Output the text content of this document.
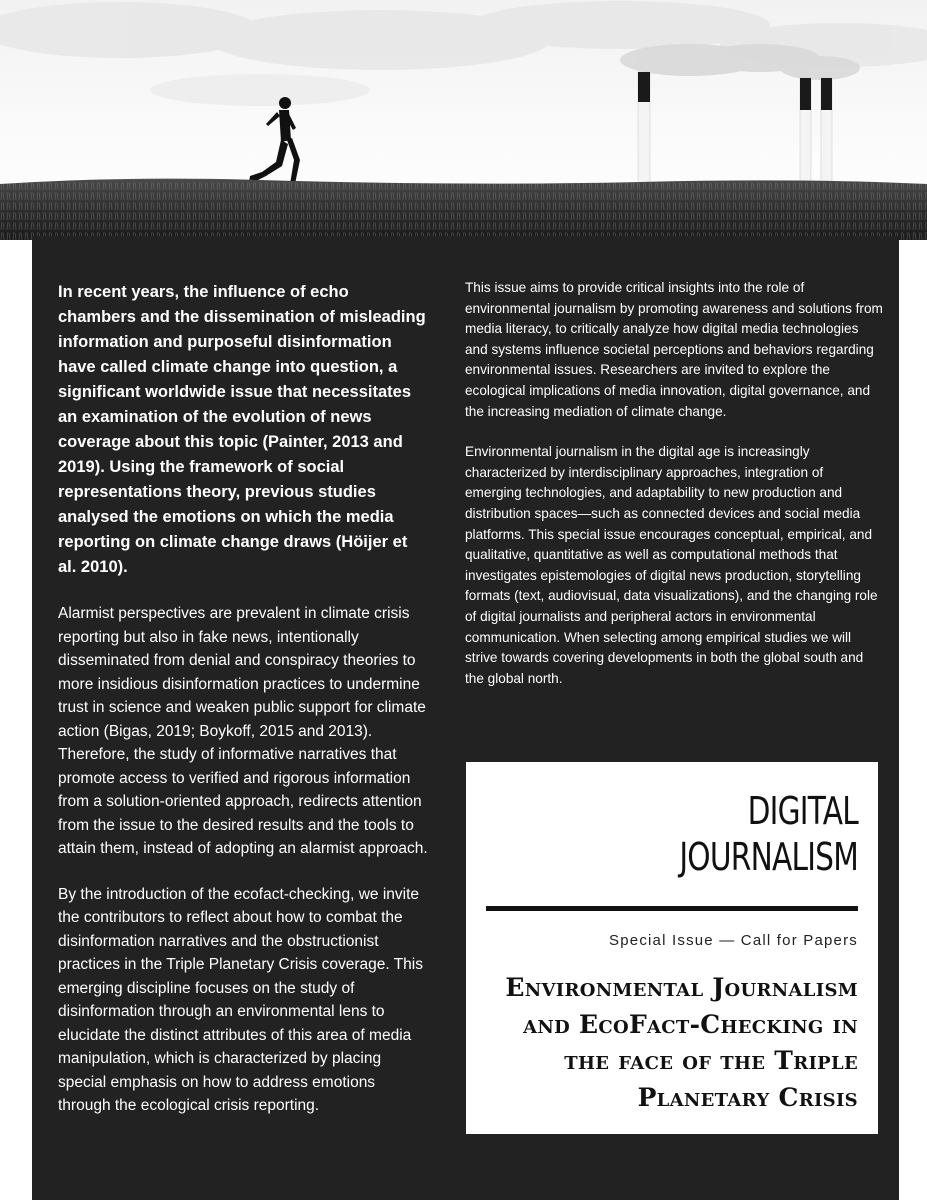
In recent years, the influence of echo chambers and the dissemination of misleading information and purposeful disinformation have called climate change into question, a significant worldwide issue that necessitates an examination of the evolution of news coverage about this topic (Painter, 2013 and 2019). Using the framework of social representations theory, previous studies analysed the emotions on which the media reporting on climate change draws (Höijer et al. 2010).

Alarmist perspectives are prevalent in climate crisis reporting but also in fake news, intentionally disseminated from denial and conspiracy theories to more insidious disinformation practices to undermine trust in science and weaken public support for climate action (Bigas, 2019; Boykoff, 2015 and 2013). Therefore, the study of informative narratives that promote access to verified and rigorous information from a solution-oriented approach, redirects attention from the issue to the desired results and the tools to attain them, instead of adopting an alarmist approach.

By the introduction of the ecofact-checking, we invite the contributors to reflect about how to combat the disinformation narratives and the obstructionist practices in the Triple Planetary Crisis coverage. This emerging discipline focuses on the study of disinformation through an environmental lens to elucidate the distinct attributes of this area of media manipulation, which is characterized by placing special emphasis on how to address emotions through the ecological crisis reporting.

This issue aims to provide critical insights into the role of environmental journalism by promoting awareness and solutions from media literacy, to critically analyze how digital media technologies and systems influence societal perceptions and behaviors regarding environmental issues. Researchers are invited to explore the ecological implications of media innovation, digital governance, and the increasing mediation of climate change.

Environmental journalism in the digital age is increasingly characterized by interdisciplinary approaches, integration of emerging technologies, and adaptability to new production and distribution spaces—such as connected devices and social media platforms. This special issue encourages conceptual, empirical, and qualitative, quantitative as well as computational methods that investigates epistemologies of digital news production, storytelling formats (text, audiovisual, data visualizations), and the changing role of digital journalists and peripheral actors in environmental communication. When selecting among empirical studies we will strive towards covering developments in both the global south and the global north.

DIGITAL
JOURNALISM
Special Issue — Call for Papers
Environmental Journalism
and EcoFact-Checking in
the face of the Triple
Planetary Crisis
